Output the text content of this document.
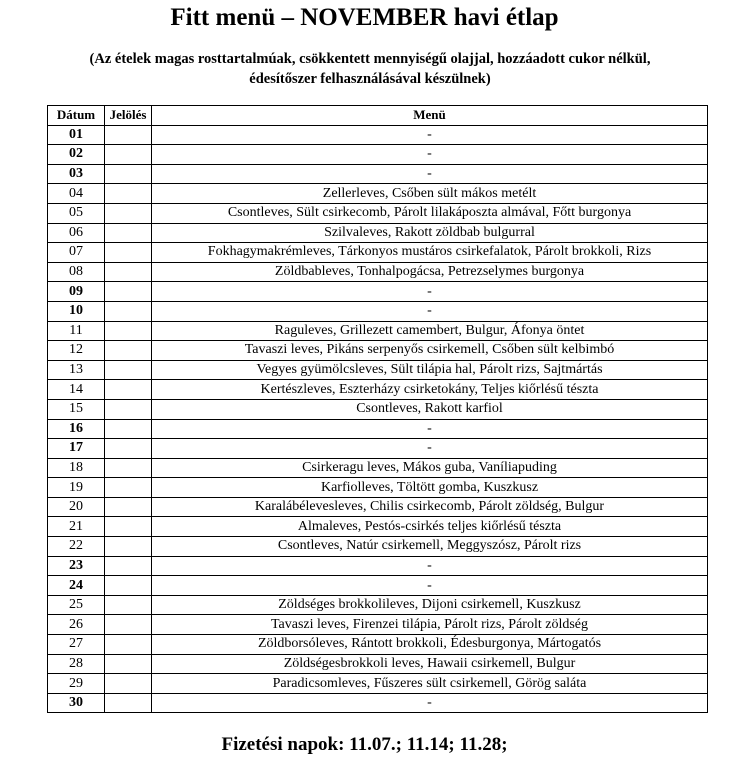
Fitt menü – NOVEMBER havi étlap
(Az ételek magas rosttartalmúak, csökkentett mennyiségű olajjal, hozzáadott cukor nélkül,
édesítőszer felhasználásával készülnek)
Dátum	Jelölés	Menü
01		-
02		-
03		-
04		Zellerleves, Csőben sült mákos metélt
05		Csontleves, Sült csirkecomb, Párolt lilakáposzta almával, Főtt burgonya
06		Szilvaleves, Rakott zöldbab bulgurral
07		Fokhagymakrémleves, Tárkonyos mustáros csirkefalatok, Párolt brokkoli, Rizs
08		Zöldbableves, Tonhalpogácsa, Petrezselymes burgonya
09		-
10		-
11		Raguleves, Grillezett camembert, Bulgur, Áfonya öntet
12		Tavaszi leves, Pikáns serpenyős csirkemell, Csőben sült kelbimbó
13		Vegyes gyümölcsleves, Sült tilápia hal, Párolt rizs, Sajtmártás
14		Kertészleves, Eszterházy csirketokány, Teljes kiőrlésű tészta
15		Csontleves, Rakott karfiol
16		-
17		-
18		Csirkeragu leves, Mákos guba, Vaníliapuding
19		Karfiolleves, Töltött gomba, Kuszkusz
20		Karalábélevesleves, Chilis csirkecomb, Párolt zöldség, Bulgur
21		Almaleves, Pestós-csirkés teljes kiőrlésű tészta
22		Csontleves, Natúr csirkemell, Meggyszósz, Párolt rizs
23		-
24		-
25		Zöldséges brokkolileves, Dijoni csirkemell, Kuszkusz
26		Tavaszi leves, Firenzei tilápia, Párolt rizs, Párolt zöldség
27		Zöldborsóleves, Rántott brokkoli, Édesburgonya, Mártogatós
28		Zöldségesbrokkoli leves, Hawaii csirkemell, Bulgur
29		Paradicsomleves, Fűszeres sült csirkemell, Görög saláta
30		-
Fizetési napok: 11.07.; 11.14; 11.28;
